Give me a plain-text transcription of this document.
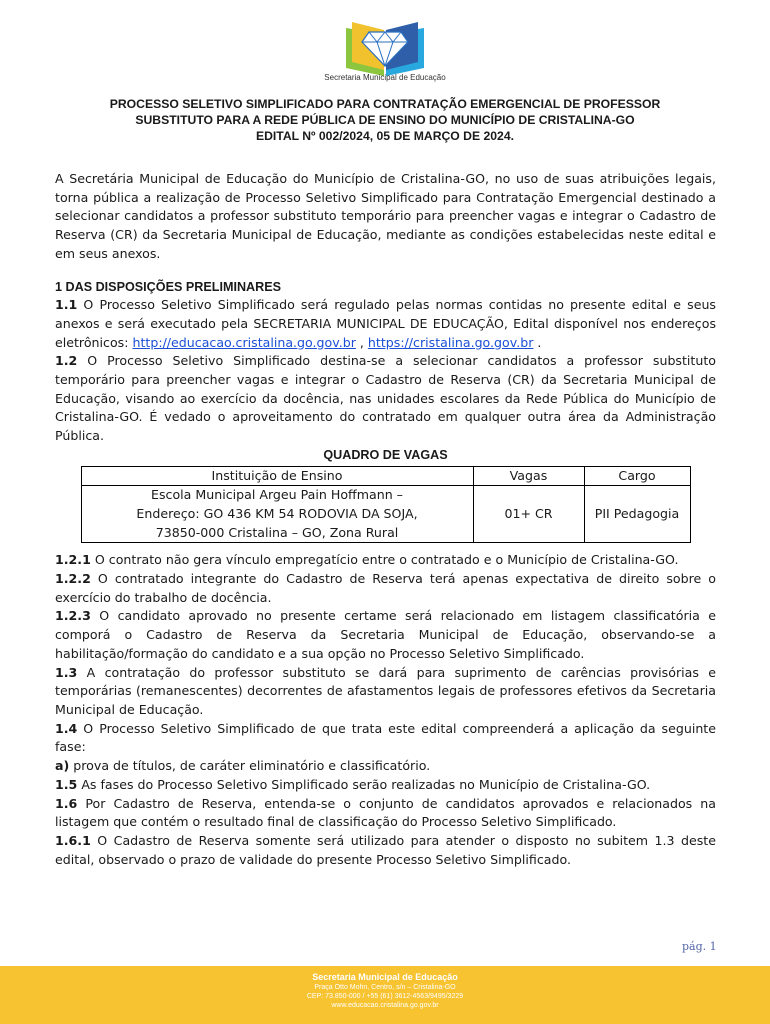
Secretaria Municipal de Educação
PROCESSO SELETIVO SIMPLIFICADO PARA CONTRATAÇÃO EMERGENCIAL DE PROFESSOR
SUBSTITUTO PARA A REDE PÚBLICA DE ENSINO DO MUNICÍPIO DE CRISTALINA-GO
EDITAL Nº 002/2024, 05 DE MARÇO DE 2024.

A Secretária Municipal de Educação do Município de Cristalina-GO, no uso de suas atribuições legais, torna pública a realização de Processo Seletivo Simplificado para Contratação Emergencial destinado a selecionar candidatos a professor substituto temporário para preencher vagas e integrar o Cadastro de Reserva (CR) da Secretaria Municipal de Educação, mediante as condições estabelecidas neste edital e em seus anexos.

1 DAS DISPOSIÇÕES PRELIMINARES

1.1 O Processo Seletivo Simplificado será regulado pelas normas contidas no presente edital e seus anexos e será executado pela SECRETARIA MUNICIPAL DE EDUCAÇÃO, Edital disponível nos endereços eletrônicos: http://educacao.cristalina.go.gov.br , https://cristalina.go.gov.br .

1.2 O Processo Seletivo Simplificado destina-se a selecionar candidatos a professor substituto temporário para preencher vagas e integrar o Cadastro de Reserva (CR) da Secretaria Municipal de Educação, visando ao exercício da docência, nas unidades escolares da Rede Pública do Município de Cristalina-GO. É vedado o aproveitamento do contratado em qualquer outra área da Administração Pública.

QUADRO DE VAGAS

Instituição de Ensino	Vagas	Cargo

Escola Municipal Argeu Pain Hoffmann –
Endereço: GO 436 KM 54 RODOVIA DA SOJA,
73850-000 Cristalina – GO, Zona Rural	01+ CR	PII Pedagogia

1.2.1 O contrato não gera vínculo empregatício entre o contratado e o Município de Cristalina-GO.

1.2.2 O contratado integrante do Cadastro de Reserva terá apenas expectativa de direito sobre o exercício do trabalho de docência.

1.2.3 O candidato aprovado no presente certame será relacionado em listagem classificatória e comporá o Cadastro de Reserva da Secretaria Municipal de Educação, observando-se a habilitação/formação do candidato e a sua opção no Processo Seletivo Simplificado.

1.3 A contratação do professor substituto se dará para suprimento de carências provisórias e temporárias (remanescentes) decorrentes de afastamentos legais de professores efetivos da Secretaria Municipal de Educação.

1.4 O Processo Seletivo Simplificado de que trata este edital compreenderá a aplicação da seguinte fase:

a) prova de títulos, de caráter eliminatório e classificatório.

1.5 As fases do Processo Seletivo Simplificado serão realizadas no Município de Cristalina-GO.

1.6 Por Cadastro de Reserva, entenda-se o conjunto de candidatos aprovados e relacionados na listagem que contém o resultado final de classificação do Processo Seletivo Simplificado.

1.6.1 O Cadastro de Reserva somente será utilizado para atender o disposto no subitem 1.3 deste edital, observado o prazo de validade do presente Processo Seletivo Simplificado.

pág. 1
Secretaria Municipal de Educação
Praça Otto Mohn, Centro, s/n – Cristalina-GO
CEP: 73.850-000 / +55 (61) 3612-4563/9495/3229
www.educacao.cristalina.go.gov.br
